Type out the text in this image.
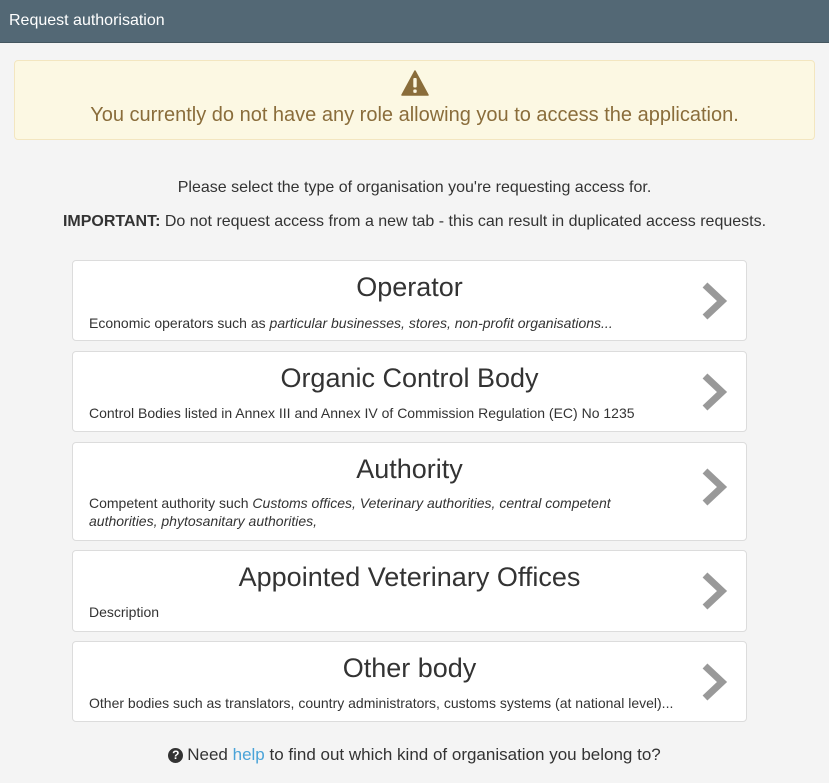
Request authorisation
You currently do not have any role allowing you to access the application.
Please select the type of organisation you're requesting access for.
IMPORTANT: Do not request access from a new tab - this can result in duplicated access requests.
Operator
Economic operators such as particular businesses, stores, non-profit organisations...
Organic Control Body
Control Bodies listed in Annex III and Annex IV of Commission Regulation (EC) No 1235
Authority
Competent authority such Customs offices, Veterinary authorities, central competent authorities, phytosanitary authorities,
Appointed Veterinary Offices
Description
Other body
Other bodies such as translators, country administrators, customs systems (at national level)...
? Need help to find out which kind of organisation you belong to?
